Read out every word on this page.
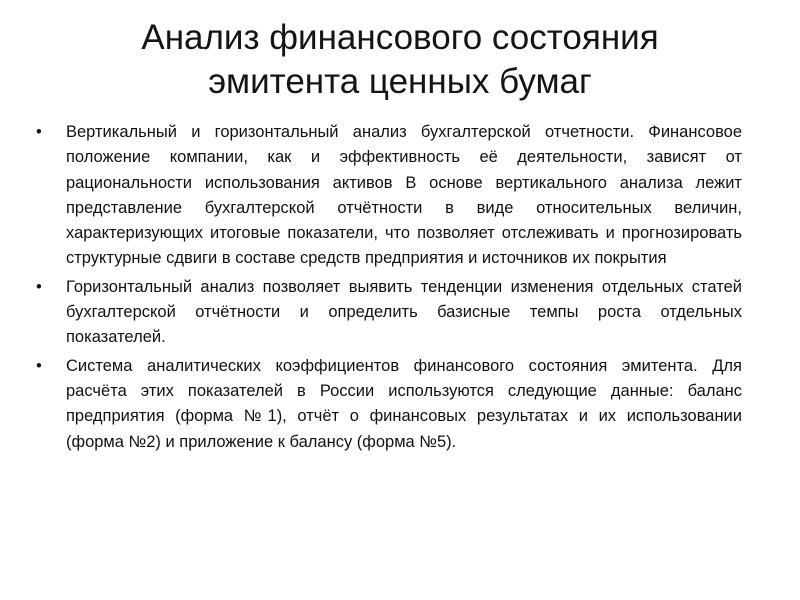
Анализ финансового состояния
эмитента ценных бумаг
• Вертикальный и горизонтальный анализ бухгалтерской отчетности. Финансовое положение компании, как и эффективность её деятельности, зависят от рациональности использования активов В основе вертикального анализа лежит представление бухгалтерской отчётности в виде относительных величин, характеризующих итоговые показатели, что позволяет отслеживать и прогнозировать структурные сдвиги в составе средств предприятия и источников их покрытия
• Горизонтальный анализ позволяет выявить тенденции изменения отдельных статей бухгалтерской отчётности и определить базисные темпы роста отдельных показателей.
• Система аналитических коэффициентов финансового состояния эмитента. Для расчёта этих показателей в России используются следующие данные: баланс предприятия (форма №1), отчёт о финансовых результатах и их использовании (форма №2) и приложение к балансу (форма №5).
